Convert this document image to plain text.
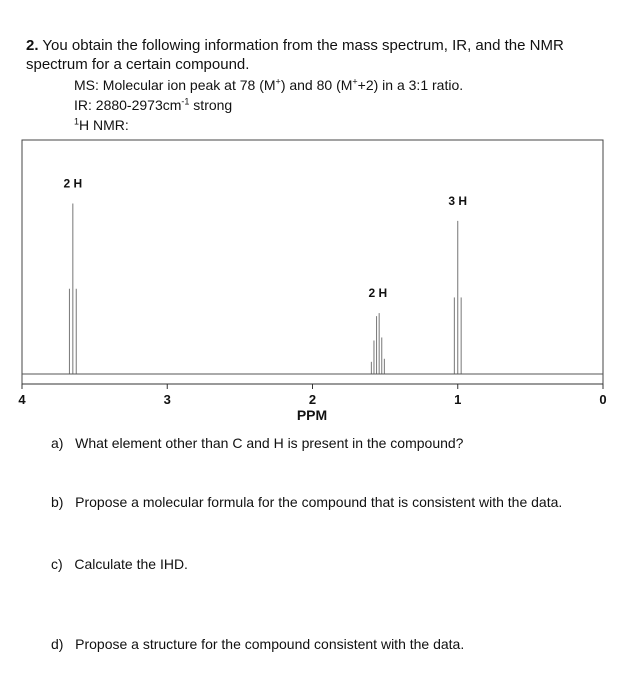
2. You obtain the following information from the mass spectrum, IR, and the NMR spectrum for a certain compound.
MS: Molecular ion peak at 78 (M+) and 80 (M++2) in a 3:1 ratio.
IR: $2880-2973cm^{-1}$ strong
$^1$H NMR:
4	3	2	1	0
2 H
2 H
3 H
PPM
a) What element other than C and H is present in the compound?
b) Propose a molecular formula for the compound that is consistent with the data.
c) Calculate the IHD.
d) Propose a structure for the compound consistent with the data.
